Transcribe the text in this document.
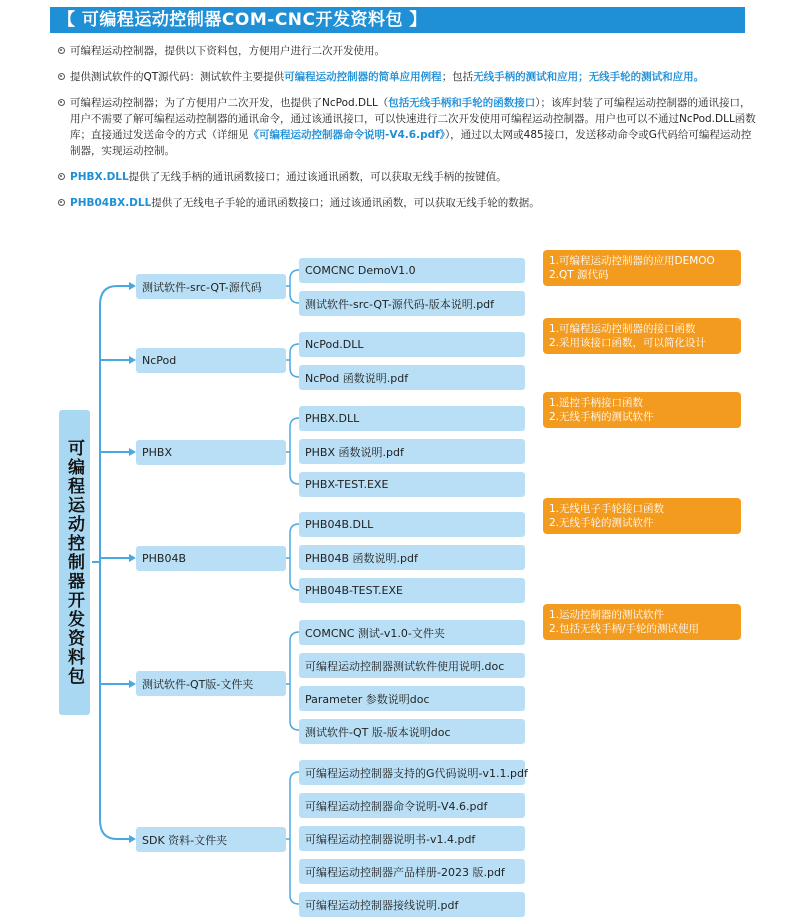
【 可编程运动控制器COM-CNC开发资料包 】
可编程运动控制器，提供以下资料包，方便用户进行二次开发使用。
提供测试软件的QT源代码：测试软件主要提供可编程运动控制器的简单应用例程；包括无线手柄的测试和应用；无线手轮的测试和应用。
可编程运动控制器；为了方便用户二次开发，也提供了NcPod.DLL（包括无线手柄和手轮的函数接口）；该库封装了可编程运动控制器的通讯接口，用户不需要了解可编程运动控制器的通讯命令，通过该通讯接口，可以快速进行二次开发使用可编程运动控制器。用户也可以不通过NcPod.DLL函数库；直接通过发送命令的方式（详细见《可编程运动控制器命令说明-V4.6.pdf》），通过以太网或485接口，发送移动命令或G代码给可编程运动控制器，实现运动控制。
PHBX.DLL提供了无线手柄的通讯函数接口；通过该通讯函数，可以获取无线手柄的按键值。
PHB04BX.DLL提供了无线电子手轮的通讯函数接口；通过该通讯函数，可以获取无线手轮的数据。
可编程运动控制器开发资料包
测试软件-src-QT-源代码
NcPod
PHBX
PHB04B
测试软件-QT版-文件夹
SDK 资料-文件夹
COMCNC DemoV1.0
测试软件-src-QT-源代码-版本说明.pdf
NcPod.DLL
NcPod 函数说明.pdf
PHBX.DLL
PHBX 函数说明.pdf
PHBX-TEST.EXE
PHB04B.DLL
PHB04B 函数说明.pdf
PHB04B-TEST.EXE
COMCNC 测试-v1.0-文件夹
可编程运动控制器测试软件使用说明.doc
Parameter 参数说明doc
测试软件-QT 版-版本说明doc
可编程运动控制器支持的G代码说明-v1.1.pdf
可编程运动控制器命令说明-V4.6.pdf
可编程运动控制器说明书-v1.4.pdf
可编程运动控制器产品样册-2023 版.pdf
可编程运动控制器接线说明.pdf
1.可编程运动控制器的应用DEMOO
2.QT 源代码
1.可编程运动控制器的接口函数
2.采用该接口函数，可以简化设计
1.遥控手柄接口函数
2.无线手柄的测试软件
1.无线电子手轮接口函数
2.无线手轮的测试软件
1.运动控制器的测试软件
2.包括无线手柄/手轮的测试使用
